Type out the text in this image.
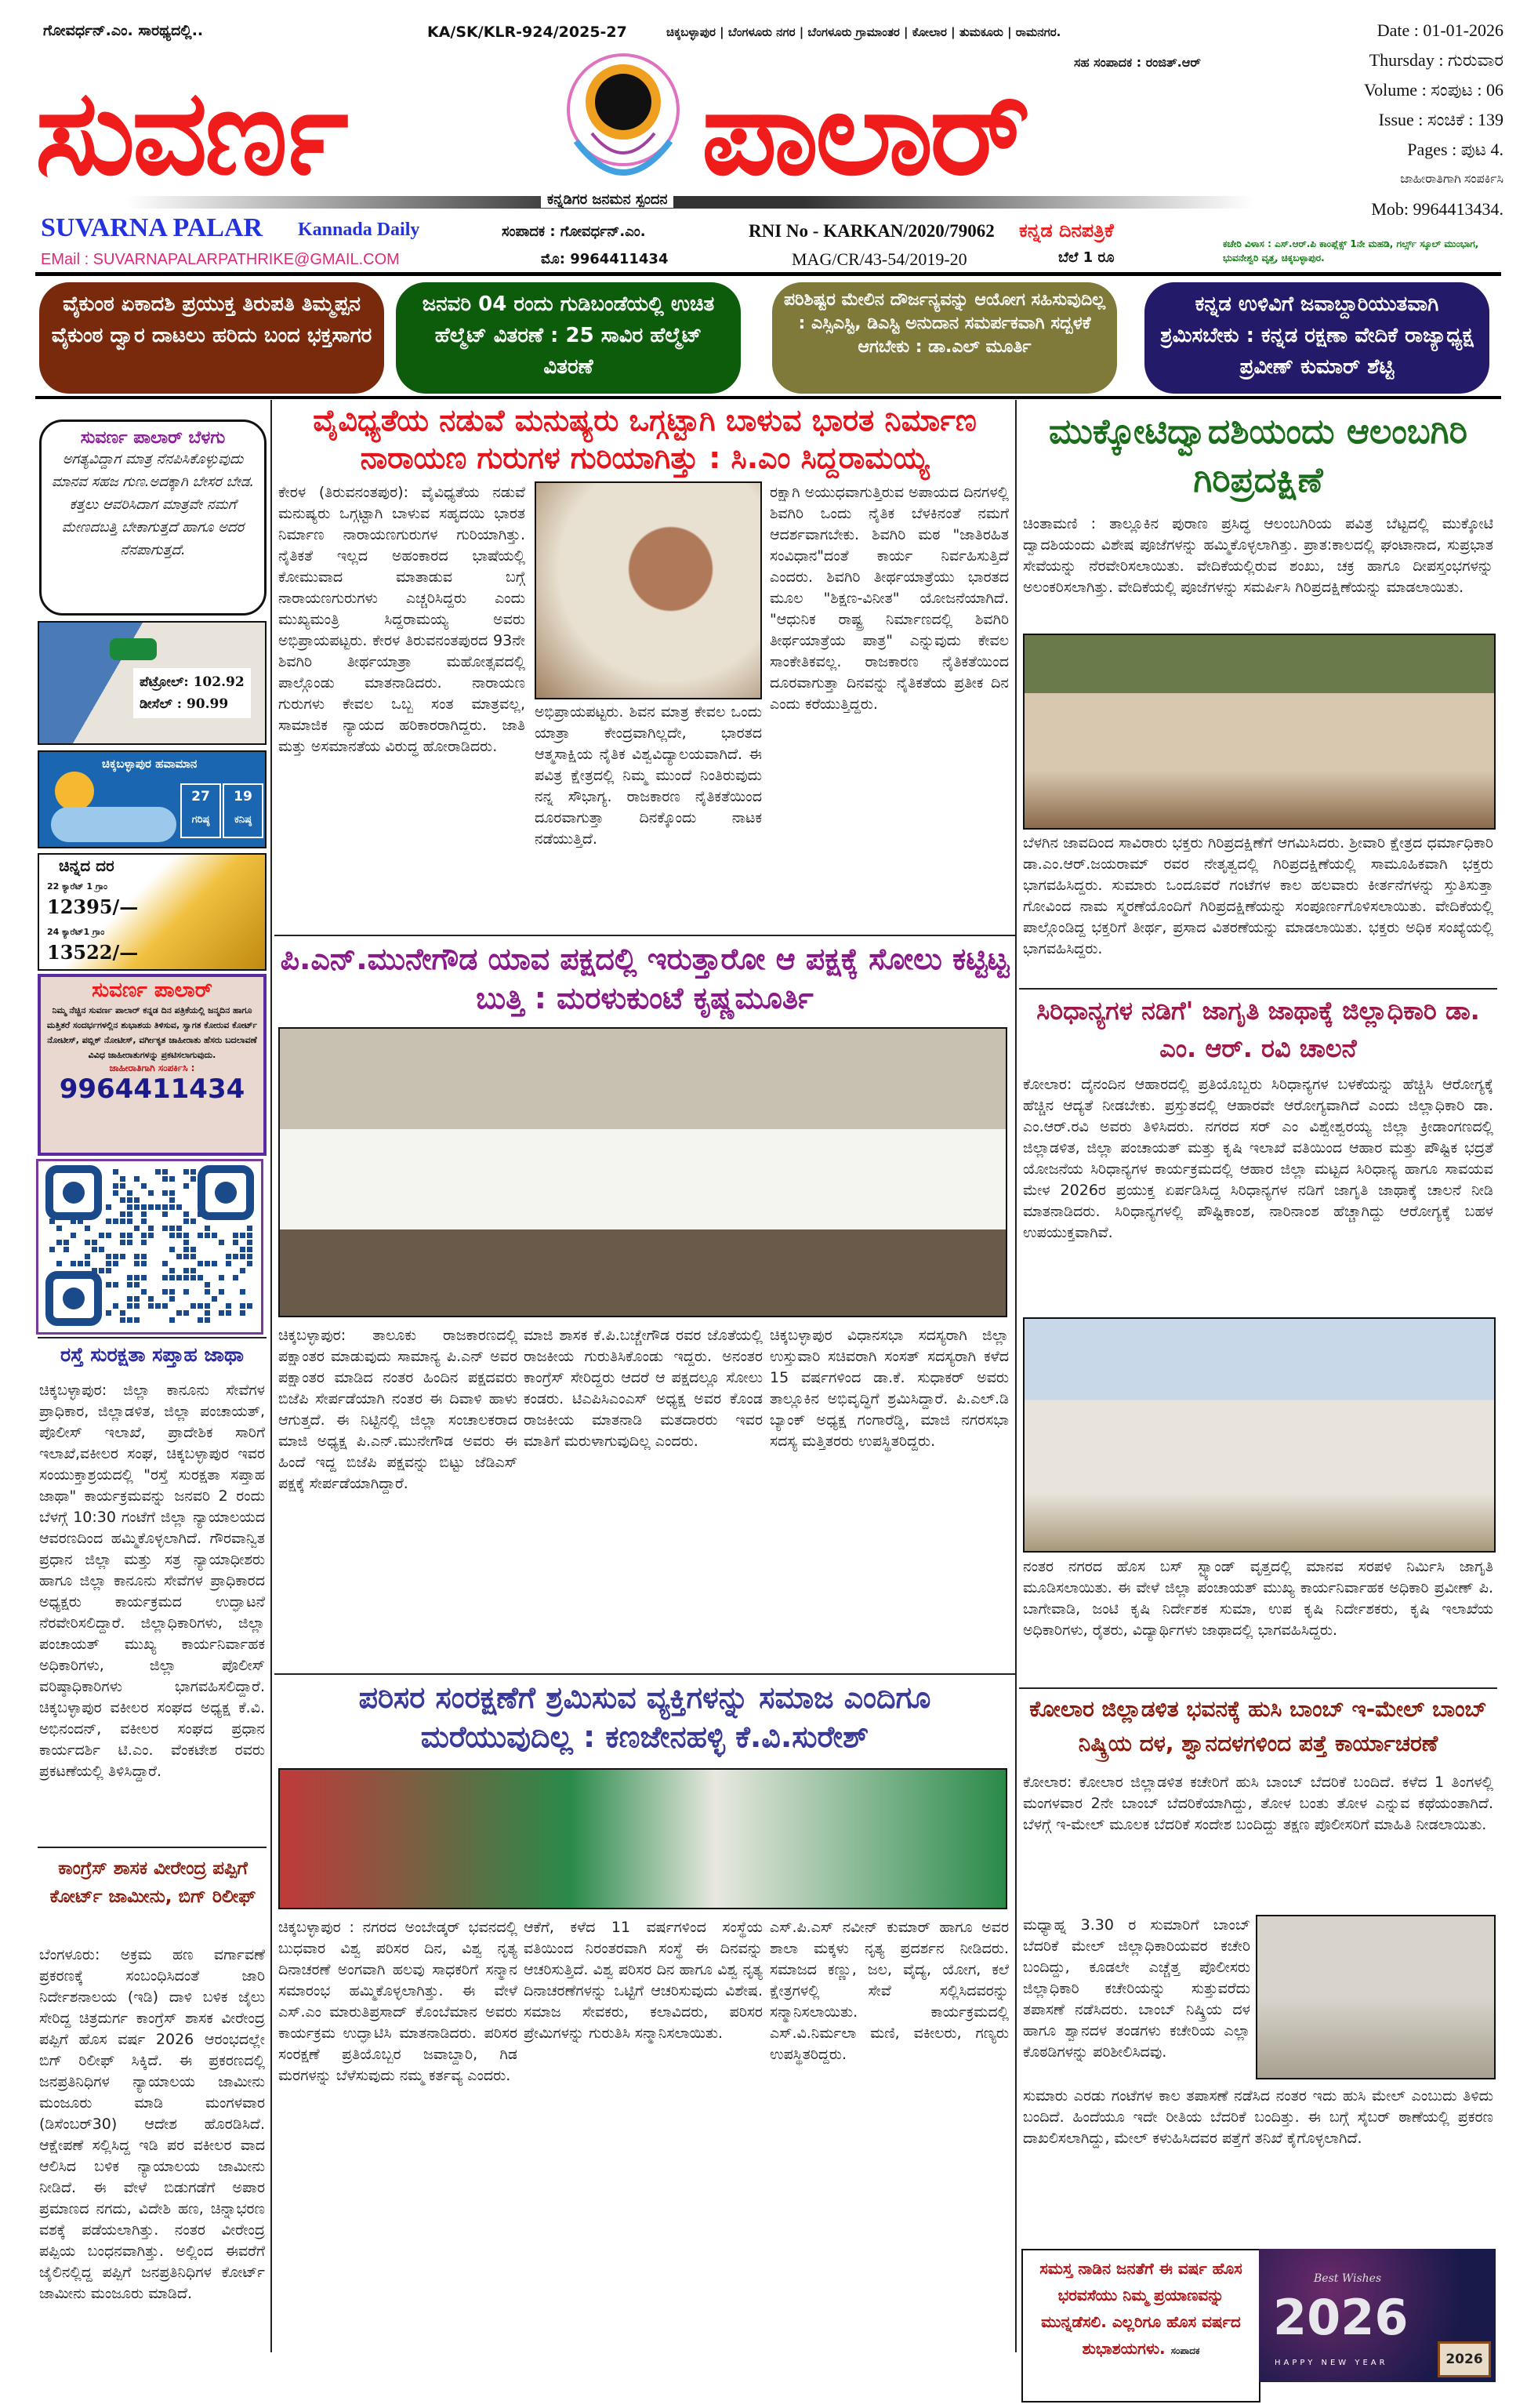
ಗೋವರ್ಧನ್.ಎಂ. ಸಾರಥ್ಯದಲ್ಲಿ..	KA/SK/KLR-924/2025-27	ಚಿಕ್ಕಬಳ್ಳಾಪುರ | ಬೆಂಗಳೂರು ನಗರ | ಬೆಂಗಳೂರು ಗ್ರಾಮಾಂತರ | ಕೋಲಾರ | ತುಮಕೂರು | ರಾಮನಗರ.
ಸಹ ಸಂಪಾದಕ : ರಂಜಿತ್.ಆರ್
ಸುವರ್ಣ	ಪಾಲಾರ್
ಕನ್ನಡಿಗರ ಜನಮನ ಸ್ಪಂದನ
SUVARNA PALAR Kannada Daily
EMail : SUVARNAPALARPATHRIKE@GMAIL.COM
ಸಂಪಾದಕ : ಗೋವರ್ಧನ್.ಎಂ.
ಮೊ: 9964411434
RNI No - KARKAN/2020/79062
MAG/CR/43-54/2019-20
ಕನ್ನಡ ದಿನಪತ್ರಿಕೆ
ಬೆಲೆ 1 ರೂ
ಕಚೇರಿ ವಿಳಾಸ : ಎಸ್.ಆರ್.ಪಿ ಕಾಂಪ್ಲೆಕ್ಸ್ 1ನೇ ಮಹಡಿ, ಗರ್ಲ್ಸ್ ಸ್ಕೂಲ್ ಮುಂಭಾಗ, ಭುವನೇಶ್ವರಿ ವೃತ್ತ, ಚಿಕ್ಕಬಳ್ಳಾಪುರ.
Date : 01-01-2026
Thursday : ಗುರುವಾರ
Volume : ಸಂಪುಟ : 06
Issue : ಸಂಚಿಕೆ : 139
Pages : ಪುಟ 4.
ಜಾಹೀರಾತಿಗಾಗಿ ಸಂಪರ್ಕಿಸಿ
Mob: 9964413434.
ವೈಕುಂಠ ಏಕಾದಶಿ ಪ್ರಯುಕ್ತ ತಿರುಪತಿ ತಿಮ್ಮಪ್ಪನ ವೈಕುಂಠ ದ್ವಾರ ದಾಟಲು ಹರಿದು ಬಂದ ಭಕ್ತಸಾಗರ
ಜನವರಿ 04 ರಂದು ಗುಡಿಬಂಡೆಯಲ್ಲಿ ಉಚಿತ ಹೆಲ್ಮೆಟ್ ವಿತರಣೆ : 25 ಸಾವಿರ ಹೆಲ್ಮೆಟ್ ವಿತರಣೆ
ಪರಿಶಿಷ್ಟರ ಮೇಲಿನ ದೌರ್ಜನ್ಯವನ್ನು ಆಯೋಗ ಸಹಿಸುವುದಿಲ್ಲ : ಎಸ್ಸಿಎಸ್ಟಿ, ಡಿಎಸ್ಟಿ ಅನುದಾನ ಸಮರ್ಪಕವಾಗಿ ಸದ್ಬಳಕೆ ಆಗಬೇಕು : ಡಾ.ಎಲ್ ಮೂರ್ತಿ
ಕನ್ನಡ ಉಳಿವಿಗೆ ಜವಾಬ್ದಾರಿಯುತವಾಗಿ ಶ್ರಮಿಸಬೇಕು : ಕನ್ನಡ ರಕ್ಷಣಾ ವೇದಿಕೆ ರಾಜ್ಯಾಧ್ಯಕ್ಷ ಪ್ರವೀಣ್ ಕುಮಾರ್ ಶೆಟ್ಟಿ
ಸುವರ್ಣ ಪಾಲಾರ್ ಬೆಳಗು
ಅಗತ್ಯವಿದ್ದಾಗ ಮಾತ್ರ ನೆನಪಿಸಿಕೊಳ್ಳುವುದು ಮಾನವ ಸಹಜ ಗುಣ.ಅದಕ್ಕಾಗಿ ಬೇಸರ ಬೇಡ. ಕತ್ತಲು ಆವರಿಸಿದಾಗ ಮಾತ್ರವೇ ನಮಗೆ ಮೇಣದಬತ್ತಿ ಬೇಕಾಗುತ್ತದೆ ಹಾಗೂ ಅದರ ನೆನಪಾಗುತ್ತದೆ.
ಪೆಟ್ರೋಲ್: 102.92
ಡೀಸೆಲ್ : 90.99
ಚಿಕ್ಕಬಳ್ಳಾಪುರ ಹವಾಮಾನ
27
ಗರಿಷ್ಠ
19
ಕನಿಷ್ಠ
ಚಿನ್ನದ ದರ
22 ಕ್ಯಾರೆಟ್ 1 ಗ್ರಾಂ
12395/—
24 ಕ್ಯಾರೆಟ್1 ಗ್ರಾಂ
13522/—
ಸುವರ್ಣ ಪಾಲಾರ್
ನಿಮ್ಮ ನೆಚ್ಚಿನ ಸುವರ್ಣ ಪಾಲಾರ್ ಕನ್ನಡ ದಿನ ಪತ್ರಿಕೆಯಲ್ಲಿ ಜನ್ಮದಿನ ಹಾಗೂ ಮತ್ತಿತರೆ ಸಂದರ್ಭಗಳಲ್ಲಿನ ಶುಭಾಶಯ ತಿಳಿಸುವ, ಸ್ವಾಗತ ಕೋರುವ ಕೋರ್ಟ್ ನೋಟೀಸ್, ಪಬ್ಲಿಕ್ ನೋಟೀಸ್, ವರ್ಗೀಕೃತ ಜಾಹೀರಾತು ಹೆಸರು ಬದಲಾವಣೆ ವಿವಿಧ ಜಾಹೀರಾತುಗಳನ್ನು ಪ್ರಕಟಿಸಲಾಗುವುದು.
ಜಾಹೀರಾತಿಗಾಗಿ ಸಂಪರ್ಕಿಸಿ :
9964411434
ರಸ್ತೆ ಸುರಕ್ಷತಾ ಸಪ್ತಾಹ ಜಾಥಾ
ಚಿಕ್ಕಬಳ್ಳಾಪುರ: ಜಿಲ್ಲಾ ಕಾನೂನು ಸೇವೆಗಳ ಪ್ರಾಧಿಕಾರ, ಜಿಲ್ಲಾಡಳಿತ, ಜಿಲ್ಲಾ ಪಂಚಾಯತ್, ಪೊಲೀಸ್ ಇಲಾಖೆ, ಪ್ರಾದೇಶಿಕ ಸಾರಿಗೆ ಇಲಾಖೆ,ವಕೀಲರ ಸಂಘ, ಚಿಕ್ಕಬಳ್ಳಾಪುರ ಇವರ ಸಂಯುಕ್ತಾಶ್ರಯದಲ್ಲಿ "ರಸ್ತೆ ಸುರಕ್ಷತಾ ಸಪ್ತಾಹ ಜಾಥಾ" ಕಾರ್ಯಕ್ರಮವನ್ನು ಜನವರಿ 2 ರಂದು ಬೆಳಗ್ಗೆ 10:30 ಗಂಟೆಗೆ ಜಿಲ್ಲಾ ನ್ಯಾಯಾಲಯದ ಆವರಣದಿಂದ ಹಮ್ಮಿಕೊಳ್ಳಲಾಗಿದೆ. ಗೌರವಾನ್ವಿತ ಪ್ರಧಾನ ಜಿಲ್ಲಾ ಮತ್ತು ಸತ್ರ ನ್ಯಾಯಾಧೀಶರು ಹಾಗೂ ಜಿಲ್ಲಾ ಕಾನೂನು ಸೇವೆಗಳ ಪ್ರಾಧಿಕಾರದ ಅಧ್ಯಕ್ಷರು ಕಾರ್ಯಕ್ರಮದ ಉದ್ಘಾಟನೆ ನೆರವೇರಿಸಲಿದ್ದಾರೆ. ಜಿಲ್ಲಾಧಿಕಾರಿಗಳು, ಜಿಲ್ಲಾ ಪಂಚಾಯತ್ ಮುಖ್ಯ ಕಾರ್ಯನಿರ್ವಾಹಕ ಅಧಿಕಾರಿಗಳು, ಜಿಲ್ಲಾ ಪೊಲೀಸ್ ವರಿಷ್ಠಾಧಿಕಾರಿಗಳು ಭಾಗವಹಿಸಲಿದ್ದಾರೆ. ಚಿಕ್ಕಬಳ್ಳಾಪುರ ವಕೀಲರ ಸಂಘದ ಅಧ್ಯಕ್ಷ ಕೆ.ವಿ. ಅಭಿನಂದನ್, ವಕೀಲರ ಸಂಘದ ಪ್ರಧಾನ ಕಾರ್ಯದರ್ಶಿ ಟಿ.ಎಂ. ವೆಂಕಟೇಶ ರವರು ಪ್ರಕಟಣೆಯಲ್ಲಿ ತಿಳಿಸಿದ್ದಾರೆ.
ಕಾಂಗ್ರೆಸ್ ಶಾಸಕ ವೀರೇಂದ್ರ ಪಪ್ಪಿಗೆ ಕೋರ್ಟ್ ಜಾಮೀನು, ಬಿಗ್ ರಿಲೀಫ್
ಬೆಂಗಳೂರು: ಅಕ್ರಮ ಹಣ ವರ್ಗಾವಣೆ ಪ್ರಕರಣಕ್ಕೆ ಸಂಬಂಧಿಸಿದಂತೆ ಜಾರಿ ನಿರ್ದೇಶನಾಲಯ (ಇಡಿ) ದಾಳಿ ಬಳಿಕ ಜೈಲು ಸೇರಿದ್ದ ಚಿತ್ರದುರ್ಗ ಕಾಂಗ್ರೆಸ್ ಶಾಸಕ ವೀರೇಂದ್ರ ಪಪ್ಪಿಗೆ ಹೊಸ ವರ್ಷ 2026 ಆರಂಭದಲ್ಲೇ ಬಿಗ್ ರಿಲೀಫ್ ಸಿಕ್ಕಿದೆ. ಈ ಪ್ರಕರಣದಲ್ಲಿ ಜನಪ್ರತಿನಿಧಿಗಳ ನ್ಯಾಯಾಲಯ ಜಾಮೀನು ಮಂಜೂರು ಮಾಡಿ ಮಂಗಳವಾರ (ಡಿಸೆಂಬರ್30) ಆದೇಶ ಹೊರಡಿಸಿದೆ. ಆಕ್ಷೇಪಣೆ ಸಲ್ಲಿಸಿದ್ದ ಇಡಿ ಪರ ವಕೀಲರ ವಾದ ಆಲಿಸಿದ ಬಳಿಕ ನ್ಯಾಯಾಲಯ ಜಾಮೀನು ನೀಡಿದೆ. ಈ ವೇಳೆ ಬಿಡುಗಡೆಗೆ ಅಪಾರ ಪ್ರಮಾಣದ ನಗದು, ವಿದೇಶಿ ಹಣ, ಚಿನ್ನಾಭರಣ ವಶಕ್ಕೆ ಪಡೆಯಲಾಗಿತ್ತು. ನಂತರ ವೀರೇಂದ್ರ ಪಪ್ಪಿಯ ಬಂಧನವಾಗಿತ್ತು. ಅಲ್ಲಿಂದ ಈವರೆಗೆ ಜೈಲಿನಲ್ಲಿದ್ದ ಪಪ್ಪಿಗೆ ಜನಪ್ರತಿನಿಧಿಗಳ ಕೋರ್ಟ್ ಜಾಮೀನು ಮಂಜೂರು ಮಾಡಿದೆ.
ವೈವಿಧ್ಯತೆಯ ನಡುವೆ ಮನುಷ್ಯರು ಒಗ್ಗಟ್ಟಾಗಿ ಬಾಳುವ ಭಾರತ ನಿರ್ಮಾಣ ನಾರಾಯಣ ಗುರುಗಳ ಗುರಿಯಾಗಿತ್ತು : ಸಿ.ಎಂ ಸಿದ್ದರಾಮಯ್ಯ
ಕೇರಳ (ತಿರುವನಂತಪುರ): ವೈವಿಧ್ಯತೆಯ ನಡುವೆ ಮನುಷ್ಯರು ಒಗ್ಗಟ್ಟಾಗಿ ಬಾಳುವ ಸಹೃದಯಿ ಭಾರತ ನಿರ್ಮಾಣ ನಾರಾಯಣಗುರುಗಳ ಗುರಿಯಾಗಿತ್ತು. ನೈತಿಕತೆ ಇಲ್ಲದ ಅಹಂಕಾರದ ಭಾಷೆಯಲ್ಲಿ ಕೋಮುವಾದ ಮಾತಾಡುವ ಬಗ್ಗೆ ನಾರಾಯಣಗುರುಗಳು ಎಚ್ಚರಿಸಿದ್ದರು ಎಂದು ಮುಖ್ಯಮಂತ್ರಿ ಸಿದ್ದರಾಮಯ್ಯ ಅವರು ಅಭಿಪ್ರಾಯಪಟ್ಟರು. ಕೇರಳ ತಿರುವನಂತಪುರದ 93ನೇ ಶಿವಗಿರಿ ತೀರ್ಥಯಾತ್ರಾ ಮಹೋತ್ಸವದಲ್ಲಿ ಪಾಲ್ಗೊಂಡು ಮಾತನಾಡಿದರು. ನಾರಾಯಣ ಗುರುಗಳು ಕೇವಲ ಒಬ್ಬ ಸಂತ ಮಾತ್ರವಲ್ಲ, ಸಾಮಾಜಿಕ ನ್ಯಾಯದ ಹರಿಕಾರರಾಗಿದ್ದರು. ಜಾತಿ ಮತ್ತು ಅಸಮಾನತೆಯ ವಿರುದ್ಧ ಹೋರಾಡಿದರು.
ಅಭಿಪ್ರಾಯಪಟ್ಟರು. ಶಿವನ ಮಾತ್ರ ಕೇವಲ ಒಂದು ಯಾತ್ರಾ ಕೇಂದ್ರವಾಗಿಲ್ಲದೇ, ಭಾರತದ ಆತ್ಮಸಾಕ್ಷಿಯ ನೈತಿಕ ವಿಶ್ವವಿದ್ಯಾಲಯವಾಗಿದೆ. ಈ ಪವಿತ್ರ ಕ್ಷೇತ್ರದಲ್ಲಿ ನಿಮ್ಮ ಮುಂದೆ ನಿಂತಿರುವುದು ನನ್ನ ಸೌಭಾಗ್ಯ. ರಾಜಕಾರಣ ನೈತಿಕತೆಯಿಂದ ದೂರವಾಗುತ್ತಾ ದಿನಕ್ಕೊಂದು ನಾಟಕ ನಡೆಯುತ್ತಿದೆ.
ರಕ್ಷಾಗಿ ಅಯುಧವಾಗುತ್ತಿರುವ ಅಪಾಯದ ದಿನಗಳಲ್ಲಿ ಶಿವಗಿರಿ ಒಂದು ನೈತಿಕ ಬೆಳಕಿನಂತೆ ನಮಗೆ ಆದರ್ಶವಾಗಬೇಕು. ಶಿವಗಿರಿ ಮಠ "ಜಾತಿರಹಿತ ಸಂವಿಧಾನ"ದಂತೆ ಕಾರ್ಯ ನಿರ್ವಹಿಸುತ್ತಿದೆ ಎಂದರು. ಶಿವಗಿರಿ ತೀರ್ಥಯಾತ್ರೆಯು ಭಾರತದ ಮೂಲ "ಶಿಕ್ಷಣ-ವಿನೀತ" ಯೋಜನೆಯಾಗಿದೆ. "ಆಧುನಿಕ ರಾಷ್ಟ್ರ ನಿರ್ಮಾಣದಲ್ಲಿ ಶಿವಗಿರಿ ತೀರ್ಥಯಾತ್ರೆಯ ಪಾತ್ರ" ಎನ್ನುವುದು ಕೇವಲ ಸಾಂಕೇತಿಕವಲ್ಲ. ರಾಜಕಾರಣ ನೈತಿಕತೆಯಿಂದ ದೂರವಾಗುತ್ತಾ ದಿನವನ್ನು ನೈತಿಕತೆಯ ಪ್ರತೀಕ ದಿನ ಎಂದು ಕರೆಯುತ್ತಿದ್ದರು.
ಪಿ.ಎನ್.ಮುನೇಗೌಡ ಯಾವ ಪಕ್ಷದಲ್ಲಿ ಇರುತ್ತಾರೋ ಆ ಪಕ್ಷಕ್ಕೆ ಸೋಲು ಕಟ್ಟಿಟ್ಟ ಬುತ್ತಿ : ಮರಳುಕುಂಟೆ ಕೃಷ್ಣಮೂರ್ತಿ
ಚಿಕ್ಕಬಳ್ಳಾಪುರ: ತಾಲೂಕು ರಾಜಕಾರಣದಲ್ಲಿ ಪಕ್ಷಾಂತರ ಮಾಡುವುದು ಸಾಮಾನ್ಯ ಪಿ.ಎನ್ ಅವರ ಪಕ್ಷಾಂತರ ಮಾಡಿದ ನಂತರ ಹಿಂದಿನ ಪಕ್ಷದವರು ಬಿಜೆಪಿ ಸೇರ್ಪಡೆಯಾಗಿ ನಂತರ ಈ ದಿವಾಳಿ ಹಾಳು ಆಗುತ್ತದೆ. ಈ ನಿಟ್ಟಿನಲ್ಲಿ ಜಿಲ್ಲಾ ಸಂಚಾಲಕರಾದ ಮಾಜಿ ಅಧ್ಯಕ್ಷ ಪಿ.ಎನ್.ಮುನೇಗೌಡ ಅವರು ಈ ಹಿಂದೆ ಇದ್ದ ಬಿಜೆಪಿ ಪಕ್ಷವನ್ನು ಬಿಟ್ಟು ಜೆಡಿಎಸ್ ಪಕ್ಷಕ್ಕೆ ಸೇರ್ಪಡೆಯಾಗಿದ್ದಾರೆ.
ಮಾಜಿ ಶಾಸಕ ಕೆ.ಪಿ.ಬಚ್ಚೇಗೌಡ ರವರ ಜೊತೆಯಲ್ಲಿ ರಾಜಕೀಯ ಗುರುತಿಸಿಕೊಂಡು ಇದ್ದರು. ಅನಂತರ ಕಾಂಗ್ರೆಸ್ ಸೇರಿದ್ದರು ಆದರೆ ಆ ಪಕ್ಷದಲ್ಲೂ ಸೋಲು ಕಂಡರು. ಟಿಎಪಿಸಿಎಂಎಸ್ ಅಧ್ಯಕ್ಷ ಅವರ ಕೊಂಡ ರಾಜಕೀಯ ಮಾತನಾಡಿ ಮತದಾರರು ಇವರ ಮಾತಿಗೆ ಮರುಳಾಗುವುದಿಲ್ಲ ಎಂದರು.
ಚಿಕ್ಕಬಳ್ಳಾಪುರ ವಿಧಾನಸಭಾ ಸದಸ್ಯರಾಗಿ ಜಿಲ್ಲಾ ಉಸ್ತುವಾರಿ ಸಚಿವರಾಗಿ ಸಂಸತ್ ಸದಸ್ಯರಾಗಿ ಕಳೆದ 15 ವರ್ಷಗಳಿಂದ ಡಾ.ಕೆ. ಸುಧಾಕರ್ ಅವರು ತಾಲ್ಲೂಕಿನ ಅಭಿವೃದ್ಧಿಗೆ ಶ್ರಮಿಸಿದ್ದಾರೆ. ಪಿ.ಎಲ್.ಡಿ ಬ್ಯಾಂಕ್ ಅಧ್ಯಕ್ಷ ಗಂಗಾರೆಡ್ಡಿ, ಮಾಜಿ ನಗರಸಭಾ ಸದಸ್ಯ ಮತ್ತಿತರರು ಉಪಸ್ಥಿತರಿದ್ದರು.
ಪರಿಸರ ಸಂರಕ್ಷಣೆಗೆ ಶ್ರಮಿಸುವ ವ್ಯಕ್ತಿಗಳನ್ನು ಸಮಾಜ ಎಂದಿಗೂ ಮರೆಯುವುದಿಲ್ಲ : ಕಣಜೇನಹಳ್ಳಿ ಕೆ.ವಿ.ಸುರೇಶ್
ಚಿಕ್ಕಬಳ್ಳಾಪುರ : ನಗರದ ಅಂಬೇಡ್ಕರ್ ಭವನದಲ್ಲಿ ಬುಧವಾರ ವಿಶ್ವ ಪರಿಸರ ದಿನ, ವಿಶ್ವ ನೃತ್ಯ ದಿನಾಚರಣೆ ಅಂಗವಾಗಿ ಹಲವು ಸಾಧಕರಿಗೆ ಸನ್ಮಾನ ಸಮಾರಂಭ ಹಮ್ಮಿಕೊಳ್ಳಲಾಗಿತ್ತು. ಈ ವೇಳೆ ಎಸ್.ಎಂ ಮಾರುತಿಪ್ರಸಾದ್ ಕೊಂಬೆಮಾನ ಅವರು ಕಾರ್ಯಕ್ರಮ ಉದ್ಘಾಟಿಸಿ ಮಾತನಾಡಿದರು. ಪರಿಸರ ಸಂರಕ್ಷಣೆ ಪ್ರತಿಯೊಬ್ಬರ ಜವಾಬ್ದಾರಿ, ಗಿಡ ಮರಗಳನ್ನು ಬೆಳೆಸುವುದು ನಮ್ಮ ಕರ್ತವ್ಯ ಎಂದರು.
ಆಕೆಗೆ, ಕಳೆದ 11 ವರ್ಷಗಳಿಂದ ಸಂಸ್ಥೆಯ ವತಿಯಿಂದ ನಿರಂತರವಾಗಿ ಸಂಸ್ಥೆ ಈ ದಿನವನ್ನು ಆಚರಿಸುತ್ತಿದೆ. ವಿಶ್ವ ಪರಿಸರ ದಿನ ಹಾಗೂ ವಿಶ್ವ ನೃತ್ಯ ದಿನಾಚರಣೆಗಳನ್ನು ಒಟ್ಟಿಗೆ ಆಚರಿಸುವುದು ವಿಶೇಷ. ಸಮಾಜ ಸೇವಕರು, ಕಲಾವಿದರು, ಪರಿಸರ ಪ್ರೇಮಿಗಳನ್ನು ಗುರುತಿಸಿ ಸನ್ಮಾನಿಸಲಾಯಿತು.
ಎಸ್.ಪಿ.ಎಸ್ ನವೀನ್ ಕುಮಾರ್ ಹಾಗೂ ಅವರ ಶಾಲಾ ಮಕ್ಕಳು ನೃತ್ಯ ಪ್ರದರ್ಶನ ನೀಡಿದರು. ಸಮಾಜದ ಕಣ್ಣು, ಜಲ, ವೈದ್ಯ, ಯೋಗ, ಕಲೆ ಕ್ಷೇತ್ರಗಳಲ್ಲಿ ಸೇವೆ ಸಲ್ಲಿಸಿದವರನ್ನು ಸನ್ಮಾನಿಸಲಾಯಿತು. ಕಾರ್ಯಕ್ರಮದಲ್ಲಿ ಎಸ್.ವಿ.ನಿರ್ಮಲಾ ಮಣಿ, ವಕೀಲರು, ಗಣ್ಯರು ಉಪಸ್ಥಿತರಿದ್ದರು.
ಮುಕ್ಕೋಟಿದ್ವಾದಶಿಯಂದು ಆಲಂಬಗಿರಿ ಗಿರಿಪ್ರದಕ್ಷಿಣೆ
ಚಿಂತಾಮಣಿ : ತಾಲ್ಲೂಕಿನ ಪುರಾಣ ಪ್ರಸಿದ್ಧ ಆಲಂಬಗಿರಿಯ ಪವಿತ್ರ ಬೆಟ್ಟದಲ್ಲಿ ಮುಕ್ಕೋಟಿ ದ್ವಾದಶಿಯಂದು ವಿಶೇಷ ಪೂಜೆಗಳನ್ನು ಹಮ್ಮಿಕೊಳ್ಳಲಾಗಿತ್ತು. ಪ್ರಾತ:ಕಾಲದಲ್ಲಿ ಘಂಟಾನಾದ, ಸುಪ್ರಭಾತ ಸೇವೆಯನ್ನು ನೆರವೇರಿಸಲಾಯಿತು. ವೇದಿಕೆಯಲ್ಲಿರುವ ಶಂಖು, ಚಕ್ರ ಹಾಗೂ ದೀಪಸ್ತಂಭಗಳನ್ನು ಅಲಂಕರಿಸಲಾಗಿತ್ತು. ವೇದಿಕೆಯಲ್ಲಿ ಪೂಜೆಗಳನ್ನು ಸಮರ್ಪಿಸಿ ಗಿರಿಪ್ರದಕ್ಷಿಣೆಯನ್ನು ಮಾಡಲಾಯಿತು.
ಬೆಳಗಿನ ಜಾವದಿಂದ ಸಾವಿರಾರು ಭಕ್ತರು ಗಿರಿಪ್ರದಕ್ಷಿಣೆಗೆ ಆಗಮಿಸಿದರು. ಶ್ರೀವಾರಿ ಕ್ಷೇತ್ರದ ಧರ್ಮಾಧಿಕಾರಿ ಡಾ.ಎಂ.ಆರ್.ಜಯರಾಮ್ ರವರ ನೇತೃತ್ವದಲ್ಲಿ ಗಿರಿಪ್ರದಕ್ಷಿಣೆಯಲ್ಲಿ ಸಾಮೂಹಿಕವಾಗಿ ಭಕ್ತರು ಭಾಗವಹಿಸಿದ್ದರು. ಸುಮಾರು ಒಂದೂವರೆ ಗಂಟೆಗಳ ಕಾಲ ಹಲವಾರು ಕೀರ್ತನೆಗಳನ್ನು ಸ್ತುತಿಸುತ್ತಾ ಗೋವಿಂದ ನಾಮ ಸ್ಮರಣೆಯೊಂದಿಗೆ ಗಿರಿಪ್ರದಕ್ಷಿಣೆಯನ್ನು ಸಂಪೂರ್ಣಗೊಳಿಸಲಾಯಿತು. ವೇದಿಕೆಯಲ್ಲಿ ಪಾಲ್ಗೊಂಡಿದ್ದ ಭಕ್ತರಿಗೆ ತೀರ್ಥ, ಪ್ರಸಾದ ವಿತರಣೆಯನ್ನು ಮಾಡಲಾಯಿತು. ಭಕ್ತರು ಅಧಿಕ ಸಂಖ್ಯೆಯಲ್ಲಿ ಭಾಗವಹಿಸಿದ್ದರು.
ಸಿರಿಧಾನ್ಯಗಳ ನಡಿಗೆ' ಜಾಗೃತಿ ಜಾಥಾಕ್ಕೆ ಜಿಲ್ಲಾಧಿಕಾರಿ ಡಾ. ಎಂ. ಆರ್. ರವಿ ಚಾಲನೆ
ಕೋಲಾರ: ದೈನಂದಿನ ಆಹಾರದಲ್ಲಿ ಪ್ರತಿಯೊಬ್ಬರು ಸಿರಿಧಾನ್ಯಗಳ ಬಳಕೆಯನ್ನು ಹೆಚ್ಚಿಸಿ ಆರೋಗ್ಯಕ್ಕೆ ಹೆಚ್ಚಿನ ಆದ್ಯತೆ ನೀಡಬೇಕು. ಪ್ರಸ್ತುತದಲ್ಲಿ ಆಹಾರವೇ ಆರೋಗ್ಯವಾಗಿದೆ ಎಂದು ಜಿಲ್ಲಾಧಿಕಾರಿ ಡಾ. ಎಂ.ಆರ್.ರವಿ ಅವರು ತಿಳಿಸಿದರು. ನಗರದ ಸರ್ ಎಂ ವಿಶ್ವೇಶ್ವರಯ್ಯ ಜಿಲ್ಲಾ ಕ್ರೀಡಾಂಗಣದಲ್ಲಿ ಜಿಲ್ಲಾಡಳಿತ, ಜಿಲ್ಲಾ ಪಂಚಾಯತ್ ಮತ್ತು ಕೃಷಿ ಇಲಾಖೆ ವತಿಯಿಂದ ಆಹಾರ ಮತ್ತು ಪೌಷ್ಟಿಕ ಭದ್ರತೆ ಯೋಜನೆಯ ಸಿರಿಧಾನ್ಯಗಳ ಕಾರ್ಯಕ್ರಮದಲ್ಲಿ ಆಹಾರ ಜಿಲ್ಲಾ ಮಟ್ಟದ ಸಿರಿಧಾನ್ಯ ಹಾಗೂ ಸಾವಯವ ಮೇಳ 2026ರ ಪ್ರಯುಕ್ತ ಏರ್ಪಡಿಸಿದ್ದ ಸಿರಿಧಾನ್ಯಗಳ ನಡಿಗೆ ಜಾಗೃತಿ ಜಾಥಾಕ್ಕೆ ಚಾಲನೆ ನೀಡಿ ಮಾತನಾಡಿದರು. ಸಿರಿಧಾನ್ಯಗಳಲ್ಲಿ ಪೌಷ್ಟಿಕಾಂಶ, ನಾರಿನಾಂಶ ಹೆಚ್ಚಾಗಿದ್ದು ಆರೋಗ್ಯಕ್ಕೆ ಬಹಳ ಉಪಯುಕ್ತವಾಗಿವೆ.
ನಂತರ ನಗರದ ಹೊಸ ಬಸ್ ಸ್ಟ್ಯಾಂಡ್ ವೃತ್ತದಲ್ಲಿ ಮಾನವ ಸರಪಳಿ ನಿರ್ಮಿಸಿ ಜಾಗೃತಿ ಮೂಡಿಸಲಾಯಿತು. ಈ ವೇಳೆ ಜಿಲ್ಲಾ ಪಂಚಾಯತ್ ಮುಖ್ಯ ಕಾರ್ಯನಿರ್ವಾಹಕ ಅಧಿಕಾರಿ ಪ್ರವೀಣ್ ಪಿ. ಬಾಗೇವಾಡಿ, ಜಂಟಿ ಕೃಷಿ ನಿರ್ದೇಶಕ ಸುಮಾ, ಉಪ ಕೃಷಿ ನಿರ್ದೇಶಕರು, ಕೃಷಿ ಇಲಾಖೆಯ ಅಧಿಕಾರಿಗಳು, ರೈತರು, ವಿದ್ಯಾರ್ಥಿಗಳು ಜಾಥಾದಲ್ಲಿ ಭಾಗವಹಿಸಿದ್ದರು.
ಕೋಲಾರ ಜಿಲ್ಲಾಡಳಿತ ಭವನಕ್ಕೆ ಹುಸಿ ಬಾಂಬ್ ಇ-ಮೇಲ್ ಬಾಂಬ್ ನಿಷ್ಕ್ರಿಯ ದಳ, ಶ್ವಾನದಳಗಳಿಂದ ಪತ್ತೆ ಕಾರ್ಯಾಚರಣೆ
ಕೋಲಾರ: ಕೋಲಾರ ಜಿಲ್ಲಾಡಳಿತ ಕಚೇರಿಗೆ ಹುಸಿ ಬಾಂಬ್ ಬೆದರಿಕೆ ಬಂದಿದೆ. ಕಳೆದ 1 ತಿಂಗಳಲ್ಲಿ ಮಂಗಳವಾರ 2ನೇ ಬಾಂಬ್ ಬೆದರಿಕೆಯಾಗಿದ್ದು, ತೋಳ ಬಂತು ತೋಳ ಎನ್ನುವ ಕಥೆಯಂತಾಗಿದೆ. ಬೆಳಗ್ಗೆ ಇ-ಮೇಲ್ ಮೂಲಕ ಬೆದರಿಕೆ ಸಂದೇಶ ಬಂದಿದ್ದು ತಕ್ಷಣ ಪೊಲೀಸರಿಗೆ ಮಾಹಿತಿ ನೀಡಲಾಯಿತು.
ಮಧ್ಯಾಹ್ನ 3.30 ರ ಸುಮಾರಿಗೆ ಬಾಂಬ್ ಬೆದರಿಕೆ ಮೇಲ್ ಜಿಲ್ಲಾಧಿಕಾರಿಯವರ ಕಚೇರಿ ಬಂದಿದ್ದು, ಕೂಡಲೇ ಎಚ್ಚೆತ್ತ ಪೊಲೀಸರು ಜಿಲ್ಲಾಧಿಕಾರಿ ಕಚೇರಿಯನ್ನು ಸುತ್ತುವರೆದು ತಪಾಸಣೆ ನಡೆಸಿದರು. ಬಾಂಬ್ ನಿಷ್ಕ್ರಿಯ ದಳ ಹಾಗೂ ಶ್ವಾನದಳ ತಂಡಗಳು ಕಚೇರಿಯ ಎಲ್ಲಾ ಕೊಠಡಿಗಳನ್ನು ಪರಿಶೀಲಿಸಿದವು.
ಸುಮಾರು ಎರಡು ಗಂಟೆಗಳ ಕಾಲ ತಪಾಸಣೆ ನಡೆಸಿದ ನಂತರ ಇದು ಹುಸಿ ಮೇಲ್ ಎಂಬುದು ತಿಳಿದು ಬಂದಿದೆ. ಹಿಂದೆಯೂ ಇದೇ ರೀತಿಯ ಬೆದರಿಕೆ ಬಂದಿತ್ತು. ಈ ಬಗ್ಗೆ ಸೈಬರ್ ಠಾಣೆಯಲ್ಲಿ ಪ್ರಕರಣ ದಾಖಲಿಸಲಾಗಿದ್ದು, ಮೇಲ್ ಕಳುಹಿಸಿದವರ ಪತ್ತೆಗೆ ತನಿಖೆ ಕೈಗೊಳ್ಳಲಾಗಿದೆ.
ಸಮಸ್ತ ನಾಡಿನ ಜನತೆಗೆ ಈ ವರ್ಷ ಹೊಸ ಭರವಸೆಯು ನಿಮ್ಮ ಪ್ರಯಾಣವನ್ನು ಮುನ್ನಡೆಸಲಿ. ಎಲ್ಲರಿಗೂ ಹೊಸ ವರ್ಷದ ಶುಭಾಶಯಗಳು. ಸಂಪಾದಕ
Best Wishes
2026
HAPPY NEW YEAR	2026
